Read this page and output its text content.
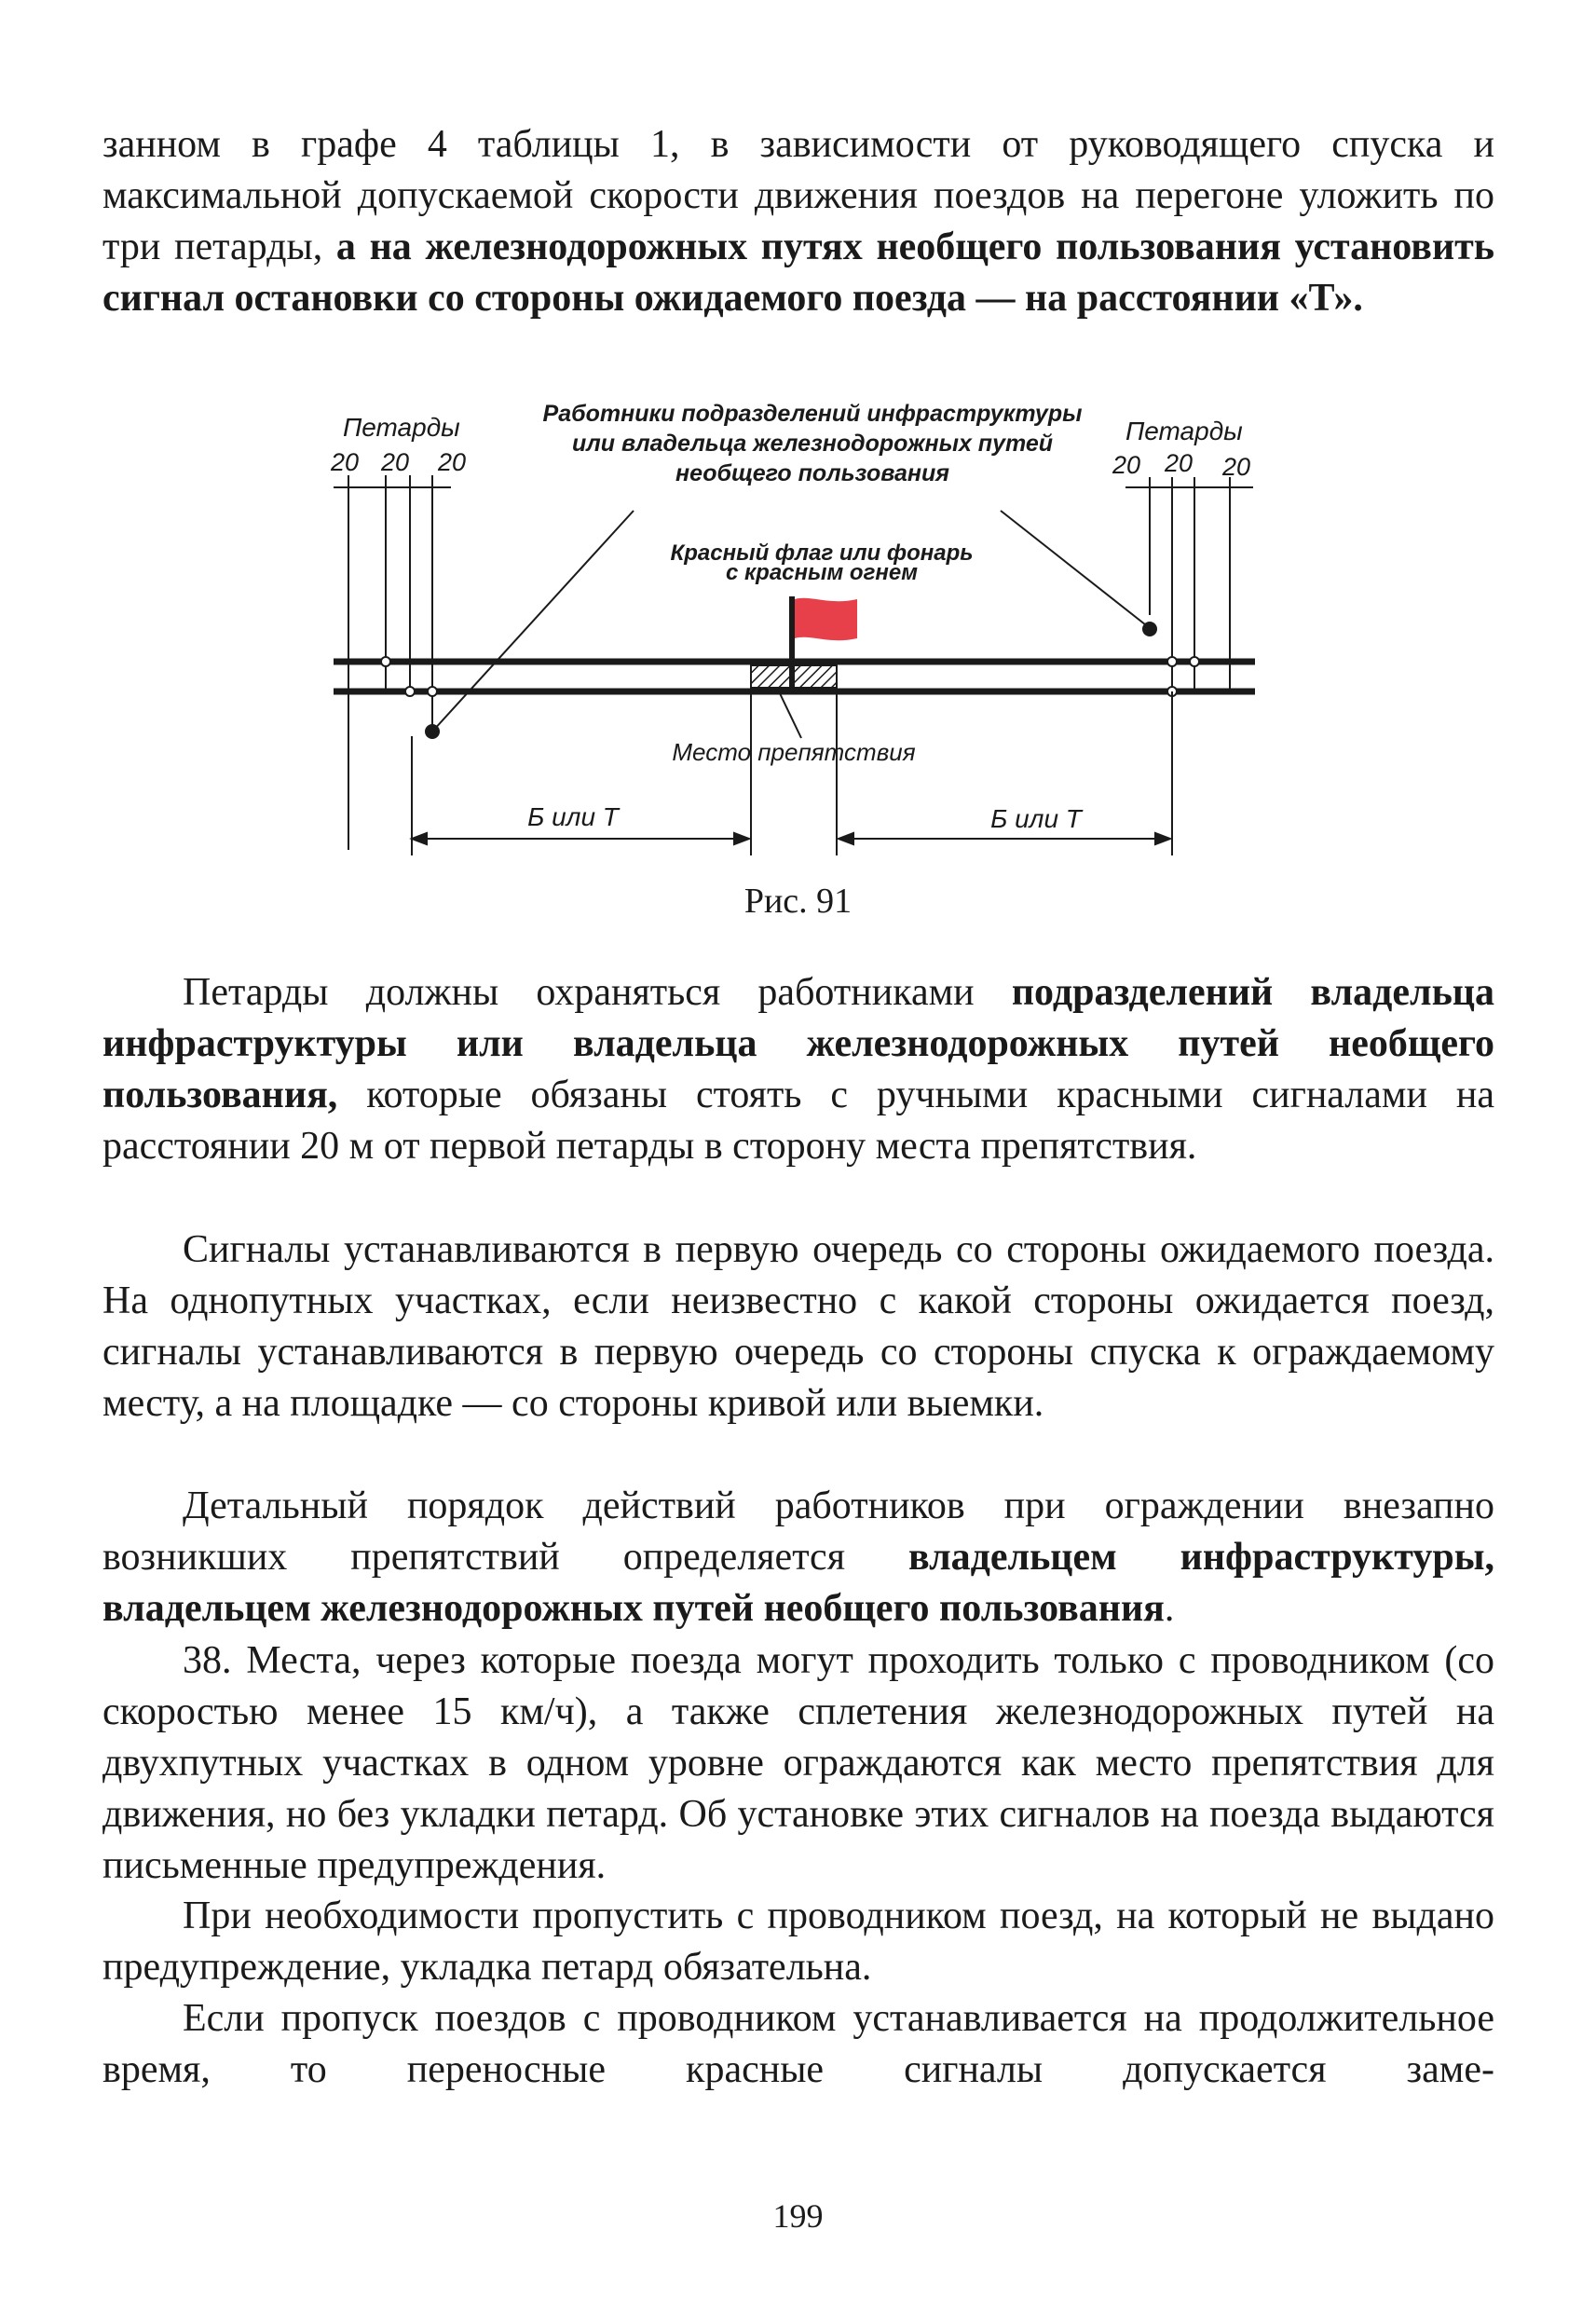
занном в графе 4 таблицы 1, в зависимости от руководящего спуска и максимальной допускаемой скорости движения поездов на перегоне уложить по три петарды, а на железнодорожных путях необщего пользования установить сигнал остановки со стороны ожидаемого поезда — на расстоянии «Т».

Петарды	Петарды
Работники подразделений инфраструктуры
или владельца железнодорожных путей
необщего пользования
20 20 20	20 20 20
Красный флаг или фонарь
с красным огнем
Место препятствия
Б или Т	Б или Т
Рис. 91

Петарды должны охраняться работниками подразделений владельца инфраструктуры или владельца железнодорожных путей необщего пользования, которые обязаны стоять с ручными красными сигналами на расстоянии 20 м от первой петарды в сторону места препятствия.

Сигналы устанавливаются в первую очередь со стороны ожидаемого поезда. На однопутных участках, если неизвестно с какой стороны ожидается поезд, сигналы устанавливаются в первую очередь со стороны спуска к ограждаемому месту, а на площадке — со стороны кривой или выемки.

Детальный порядок действий работников при ограждении внезапно возникших препятствий определяется владельцем инфраструктуры, владельцем железнодорожных путей необщего пользования.

38. Места, через которые поезда могут проходить только с проводником (со скоростью менее 15 км/ч), а также сплетения железнодорожных путей на двухпутных участках в одном уровне ограждаются как место препятствия для движения, но без укладки петард. Об установке этих сигналов на поезда выдаются письменные предупреждения.

При необходимости пропустить с проводником поезд, на который не выдано предупреждение, укладка петард обязательна.

Если пропуск поездов с проводником устанавливается на продолжительное время, то переносные красные сигналы допускается заме-

199
